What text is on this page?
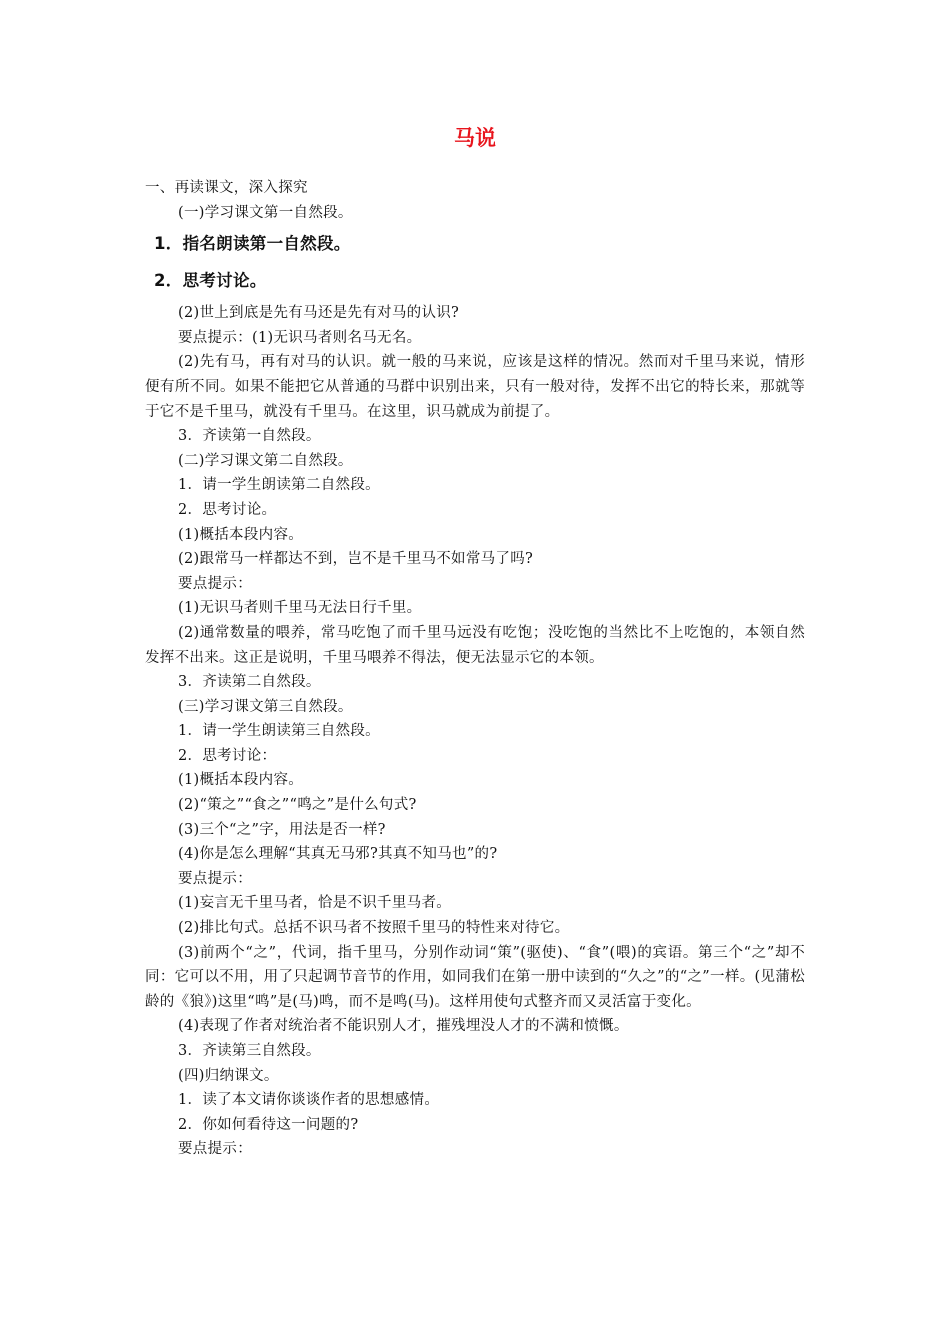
马说
一、再读课文，深入探究
(一)学习课文第一自然段。
1．指名朗读第一自然段。
2．思考讨论。
(2)世上到底是先有马还是先有对马的认识?
要点提示：(1)无识马者则名马无名。
(2)先有马，再有对马的认识。就一般的马来说，应该是这样的情况。然而对千里马来说，情形便有所不同。如果不能把它从普通的马群中识别出来，只有一般对待，发挥不出它的特长来，那就等于它不是千里马，就没有千里马。在这里，识马就成为前提了。
3．齐读第一自然段。
(二)学习课文第二自然段。
1．请一学生朗读第二自然段。
2．思考讨论。
(1)概括本段内容。
(2)跟常马一样都达不到，岂不是千里马不如常马了吗?
要点提示：
(1)无识马者则千里马无法日行千里。
(2)通常数量的喂养，常马吃饱了而千里马远没有吃饱；没吃饱的当然比不上吃饱的，本领自然发挥不出来。这正是说明，千里马喂养不得法，便无法显示它的本领。
3．齐读第二自然段。
(三)学习课文第三自然段。
1．请一学生朗读第三自然段。
2．思考讨论：
(1)概括本段内容。
(2)“策之”“食之”“鸣之”是什么句式?
(3)三个“之”字，用法是否一样?
(4)你是怎么理解“其真无马邪?其真不知马也”的?
要点提示：
(1)妄言无千里马者，恰是不识千里马者。
(2)排比句式。总括不识马者不按照千里马的特性来对待它。
(3)前两个“之”，代词，指千里马，分别作动词“策”(驱使)、“食”(喂)的宾语。第三个“之”却不同：它可以不用，用了只起调节音节的作用，如同我们在第一册中读到的“久之”的“之”一样。(见蒲松龄的《狼》)这里“鸣”是(马)鸣，而不是鸣(马)。这样用使句式整齐而又灵活富于变化。
(4)表现了作者对统治者不能识别人才，摧残埋没人才的不满和愤慨。
3．齐读第三自然段。
(四)归纳课文。
1．读了本文请你谈谈作者的思想感情。
2．你如何看待这一问题的?
要点提示：
